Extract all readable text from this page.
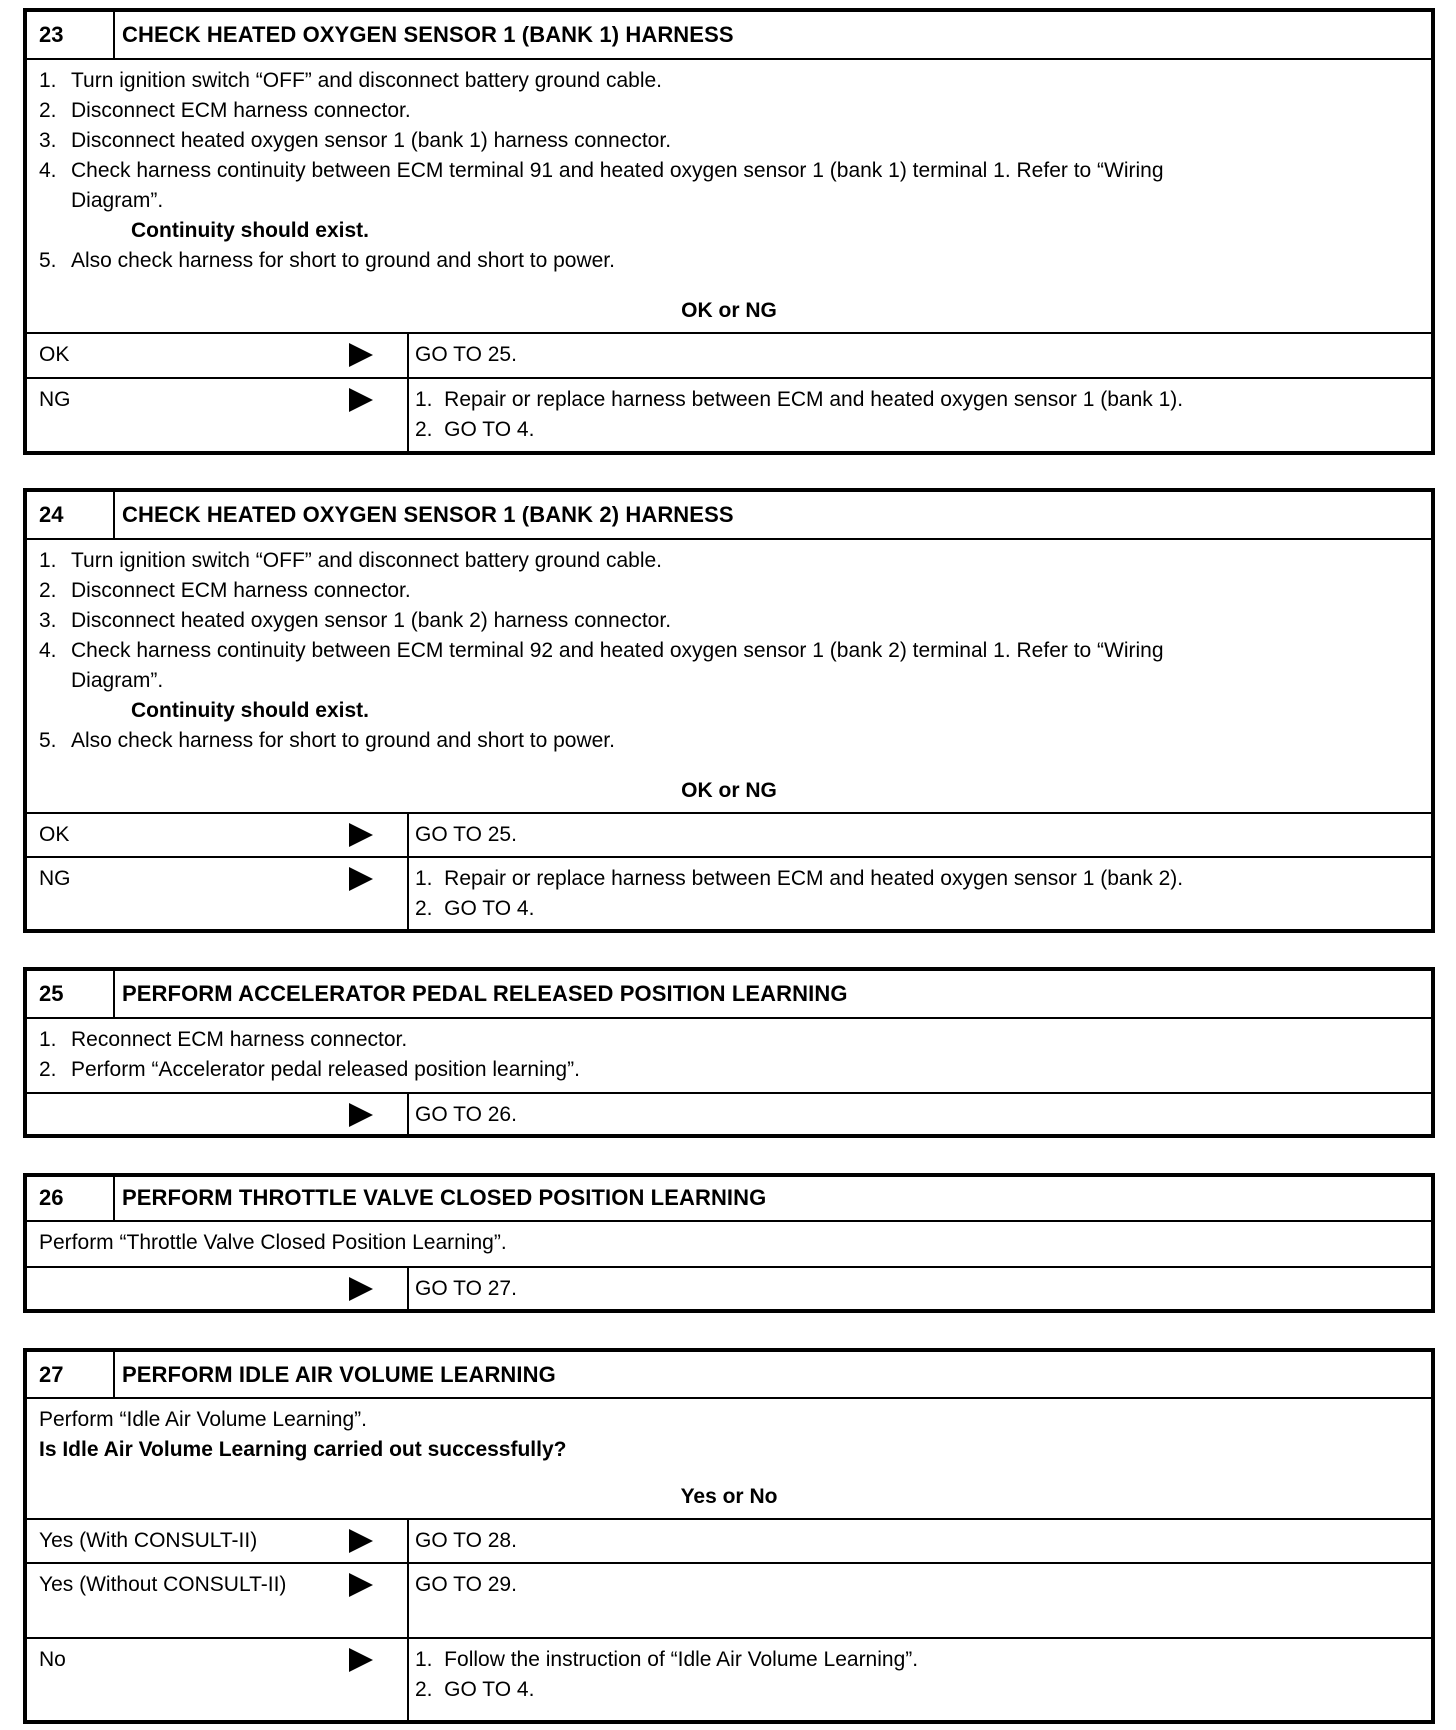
23	CHECK HEATED OXYGEN SENSOR 1 (BANK 1) HARNESS
1. Turn ignition switch “OFF” and disconnect battery ground cable.
2. Disconnect ECM harness connector.
3. Disconnect heated oxygen sensor 1 (bank 1) harness connector.
4. Check harness continuity between ECM terminal 91 and heated oxygen sensor 1 (bank 1) terminal 1. Refer to “Wiring
Diagram”.
Continuity should exist.
5. Also check harness for short to ground and short to power.
OK or NG
OK	GO TO 25.
NG	1.  Repair or replace harness between ECM and heated oxygen sensor 1 (bank 1).
2.  GO TO 4.
24	CHECK HEATED OXYGEN SENSOR 1 (BANK 2) HARNESS
1. Turn ignition switch “OFF” and disconnect battery ground cable.
2. Disconnect ECM harness connector.
3. Disconnect heated oxygen sensor 1 (bank 2) harness connector.
4. Check harness continuity between ECM terminal 92 and heated oxygen sensor 1 (bank 2) terminal 1. Refer to “Wiring
Diagram”.
Continuity should exist.
5. Also check harness for short to ground and short to power.
OK or NG
OK	GO TO 25.
NG	1.  Repair or replace harness between ECM and heated oxygen sensor 1 (bank 2).
2.  GO TO 4.
25	PERFORM ACCELERATOR PEDAL RELEASED POSITION LEARNING
1. Reconnect ECM harness connector.
2. Perform “Accelerator pedal released position learning”.
GO TO 26.
26	PERFORM THROTTLE VALVE CLOSED POSITION LEARNING
Perform “Throttle Valve Closed Position Learning”.
GO TO 27.
27	PERFORM IDLE AIR VOLUME LEARNING
Perform “Idle Air Volume Learning”.
Is Idle Air Volume Learning carried out successfully?
Yes or No
Yes (With CONSULT-II)	GO TO 28.
Yes (Without CONSULT-II)	GO TO 29.
No	1.  Follow the instruction of “Idle Air Volume Learning”.
2.  GO TO 4.
